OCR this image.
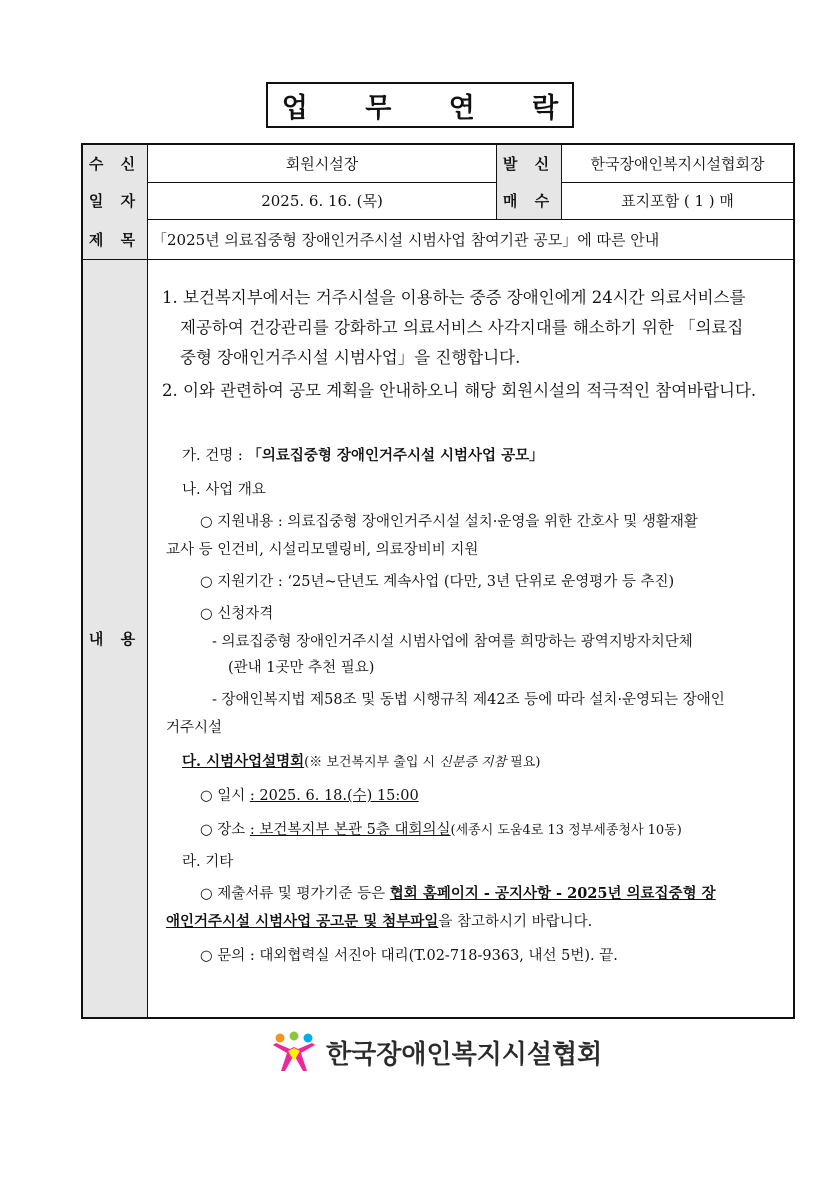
업 무 연 락
수 신	회원시설장	발 신	한국장애인복지시설협회장
일 자	2025. 6. 16. (목)	매 수	표지포함 ( 1 ) 매
제 목 「2025년 의료집중형 장애인거주시설 시범사업 참여기관 공모」에 따른 안내
내 용
1. 보건복지부에서는 거주시설을 이용하는 중증 장애인에게 24시간 의료서비스를
제공하여 건강관리를 강화하고 의료서비스 사각지대를 해소하기 위한 「의료집
중형 장애인거주시설 시범사업」을 진행합니다.
2. 이와 관련하여 공모 계획을 안내하오니 해당 회원시설의 적극적인 참여바랍니다.
가. 건명 : 「의료집중형 장애인거주시설 시범사업 공모」
나. 사업 개요
○ 지원내용 : 의료집중형 장애인거주시설 설치·운영을 위한 간호사 및 생활재활
교사 등 인건비, 시설리모델링비, 의료장비비 지원
○ 지원기간 : ‘25년~단년도 계속사업 (다만, 3년 단위로 운영평가 등 추진)
○ 신청자격
- 의료집중형 장애인거주시설 시범사업에 참여를 희망하는 광역지방자치단체
(관내 1곳만 추천 필요)
- 장애인복지법 제58조 및 동법 시행규칙 제42조 등에 따라 설치·운영되는 장애인
거주시설
다. 시범사업설명회(※ 보건복지부 출입 시 신분증 지참 필요)
○ 일시 : 2025. 6. 18.(수) 15:00
○ 장소 : 보건복지부 본관 5층 대회의실(세종시 도움4로 13 정부세종청사 10동)
라. 기타
○ 제출서류 및 평가기준 등은 협회 홈페이지 - 공지사항 - 2025년 의료집중형 장
애인거주시설 시범사업 공고문 및 첨부파일을 참고하시기 바랍니다.
○ 문의 : 대외협력실 서진아 대리(T.02-718-9363, 내선 5번). 끝.
한국장애인복지시설협회
